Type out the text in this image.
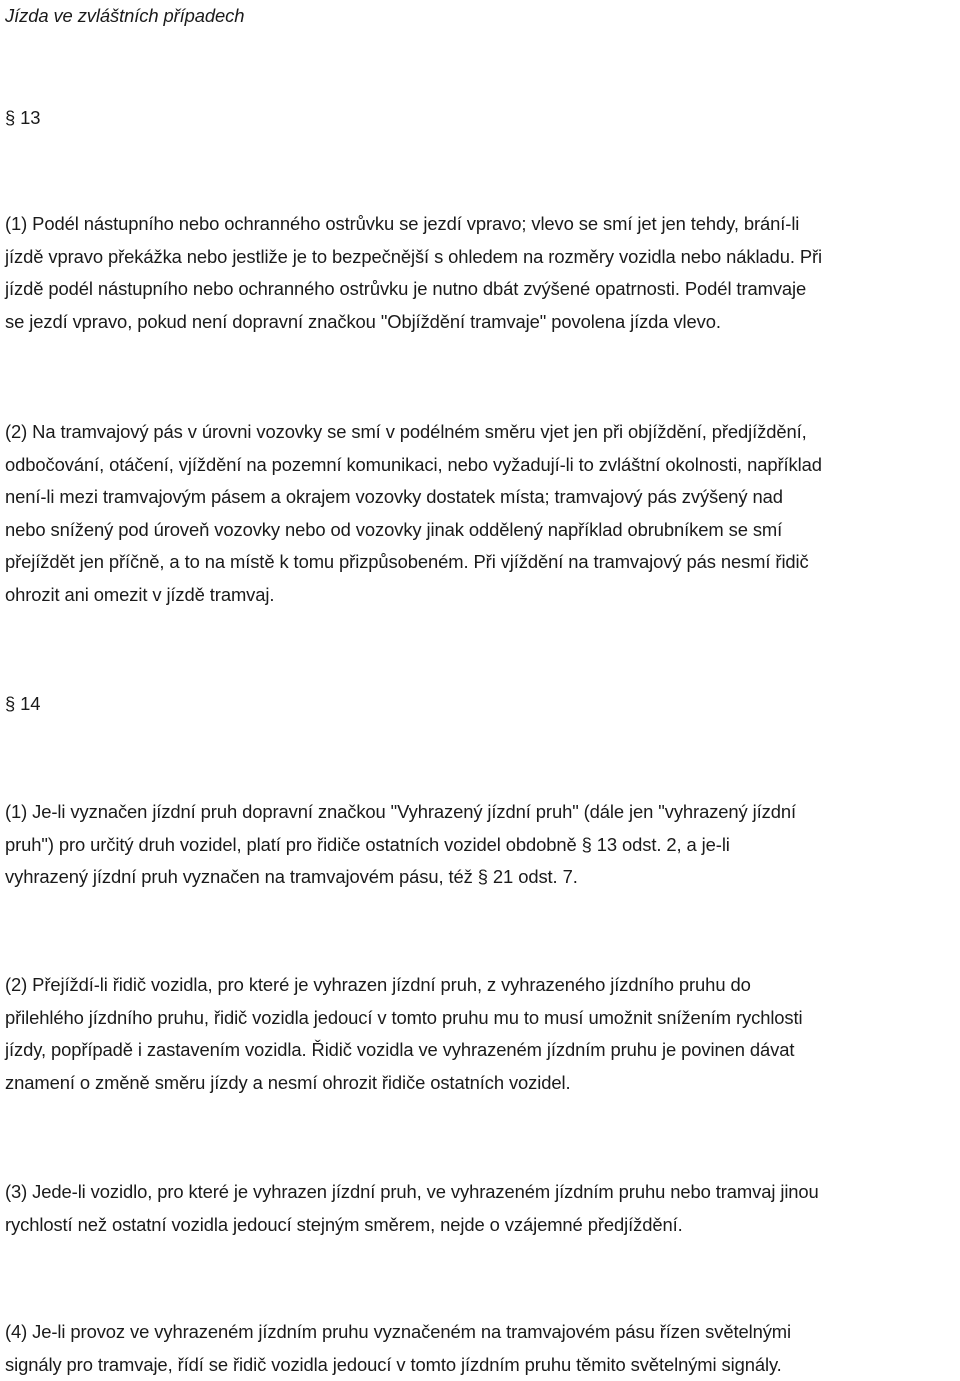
Jízda ve zvláštních případech
§ 13
(1) Podél nástupního nebo ochranného ostrůvku se jezdí vpravo; vlevo se smí jet jen tehdy, brání-li
jízdě vpravo překážka nebo jestliže je to bezpečnější s ohledem na rozměry vozidla nebo nákladu. Při
jízdě podél nástupního nebo ochranného ostrůvku je nutno dbát zvýšené opatrnosti. Podél tramvaje
se jezdí vpravo, pokud není dopravní značkou "Objíždění tramvaje" povolena jízda vlevo.
(2) Na tramvajový pás v úrovni vozovky se smí v podélném směru vjet jen při objíždění, předjíždění,
odbočování, otáčení, vjíždění na pozemní komunikaci, nebo vyžadují-li to zvláštní okolnosti, například
není-li mezi tramvajovým pásem a okrajem vozovky dostatek místa; tramvajový pás zvýšený nad
nebo snížený pod úroveň vozovky nebo od vozovky jinak oddělený například obrubníkem se smí
přejíždět jen příčně, a to na místě k tomu přizpůsobeném. Při vjíždění na tramvajový pás nesmí řidič
ohrozit ani omezit v jízdě tramvaj.
§ 14
(1) Je-li vyznačen jízdní pruh dopravní značkou "Vyhrazený jízdní pruh" (dále jen "vyhrazený jízdní
pruh") pro určitý druh vozidel, platí pro řidiče ostatních vozidel obdobně § 13 odst. 2, a je-li
vyhrazený jízdní pruh vyznačen na tramvajovém pásu, též § 21 odst. 7.
(2) Přejíždí-li řidič vozidla, pro které je vyhrazen jízdní pruh, z vyhrazeného jízdního pruhu do
přilehlého jízdního pruhu, řidič vozidla jedoucí v tomto pruhu mu to musí umožnit snížením rychlosti
jízdy, popřípadě i zastavením vozidla. Řidič vozidla ve vyhrazeném jízdním pruhu je povinen dávat
znamení o změně směru jízdy a nesmí ohrozit řidiče ostatních vozidel.
(3) Jede-li vozidlo, pro které je vyhrazen jízdní pruh, ve vyhrazeném jízdním pruhu nebo tramvaj jinou
rychlostí než ostatní vozidla jedoucí stejným směrem, nejde o vzájemné předjíždění.
(4) Je-li provoz ve vyhrazeném jízdním pruhu vyznačeném na tramvajovém pásu řízen světelnými
signály pro tramvaje, řídí se řidič vozidla jedoucí v tomto jízdním pruhu těmito světelnými signály.
